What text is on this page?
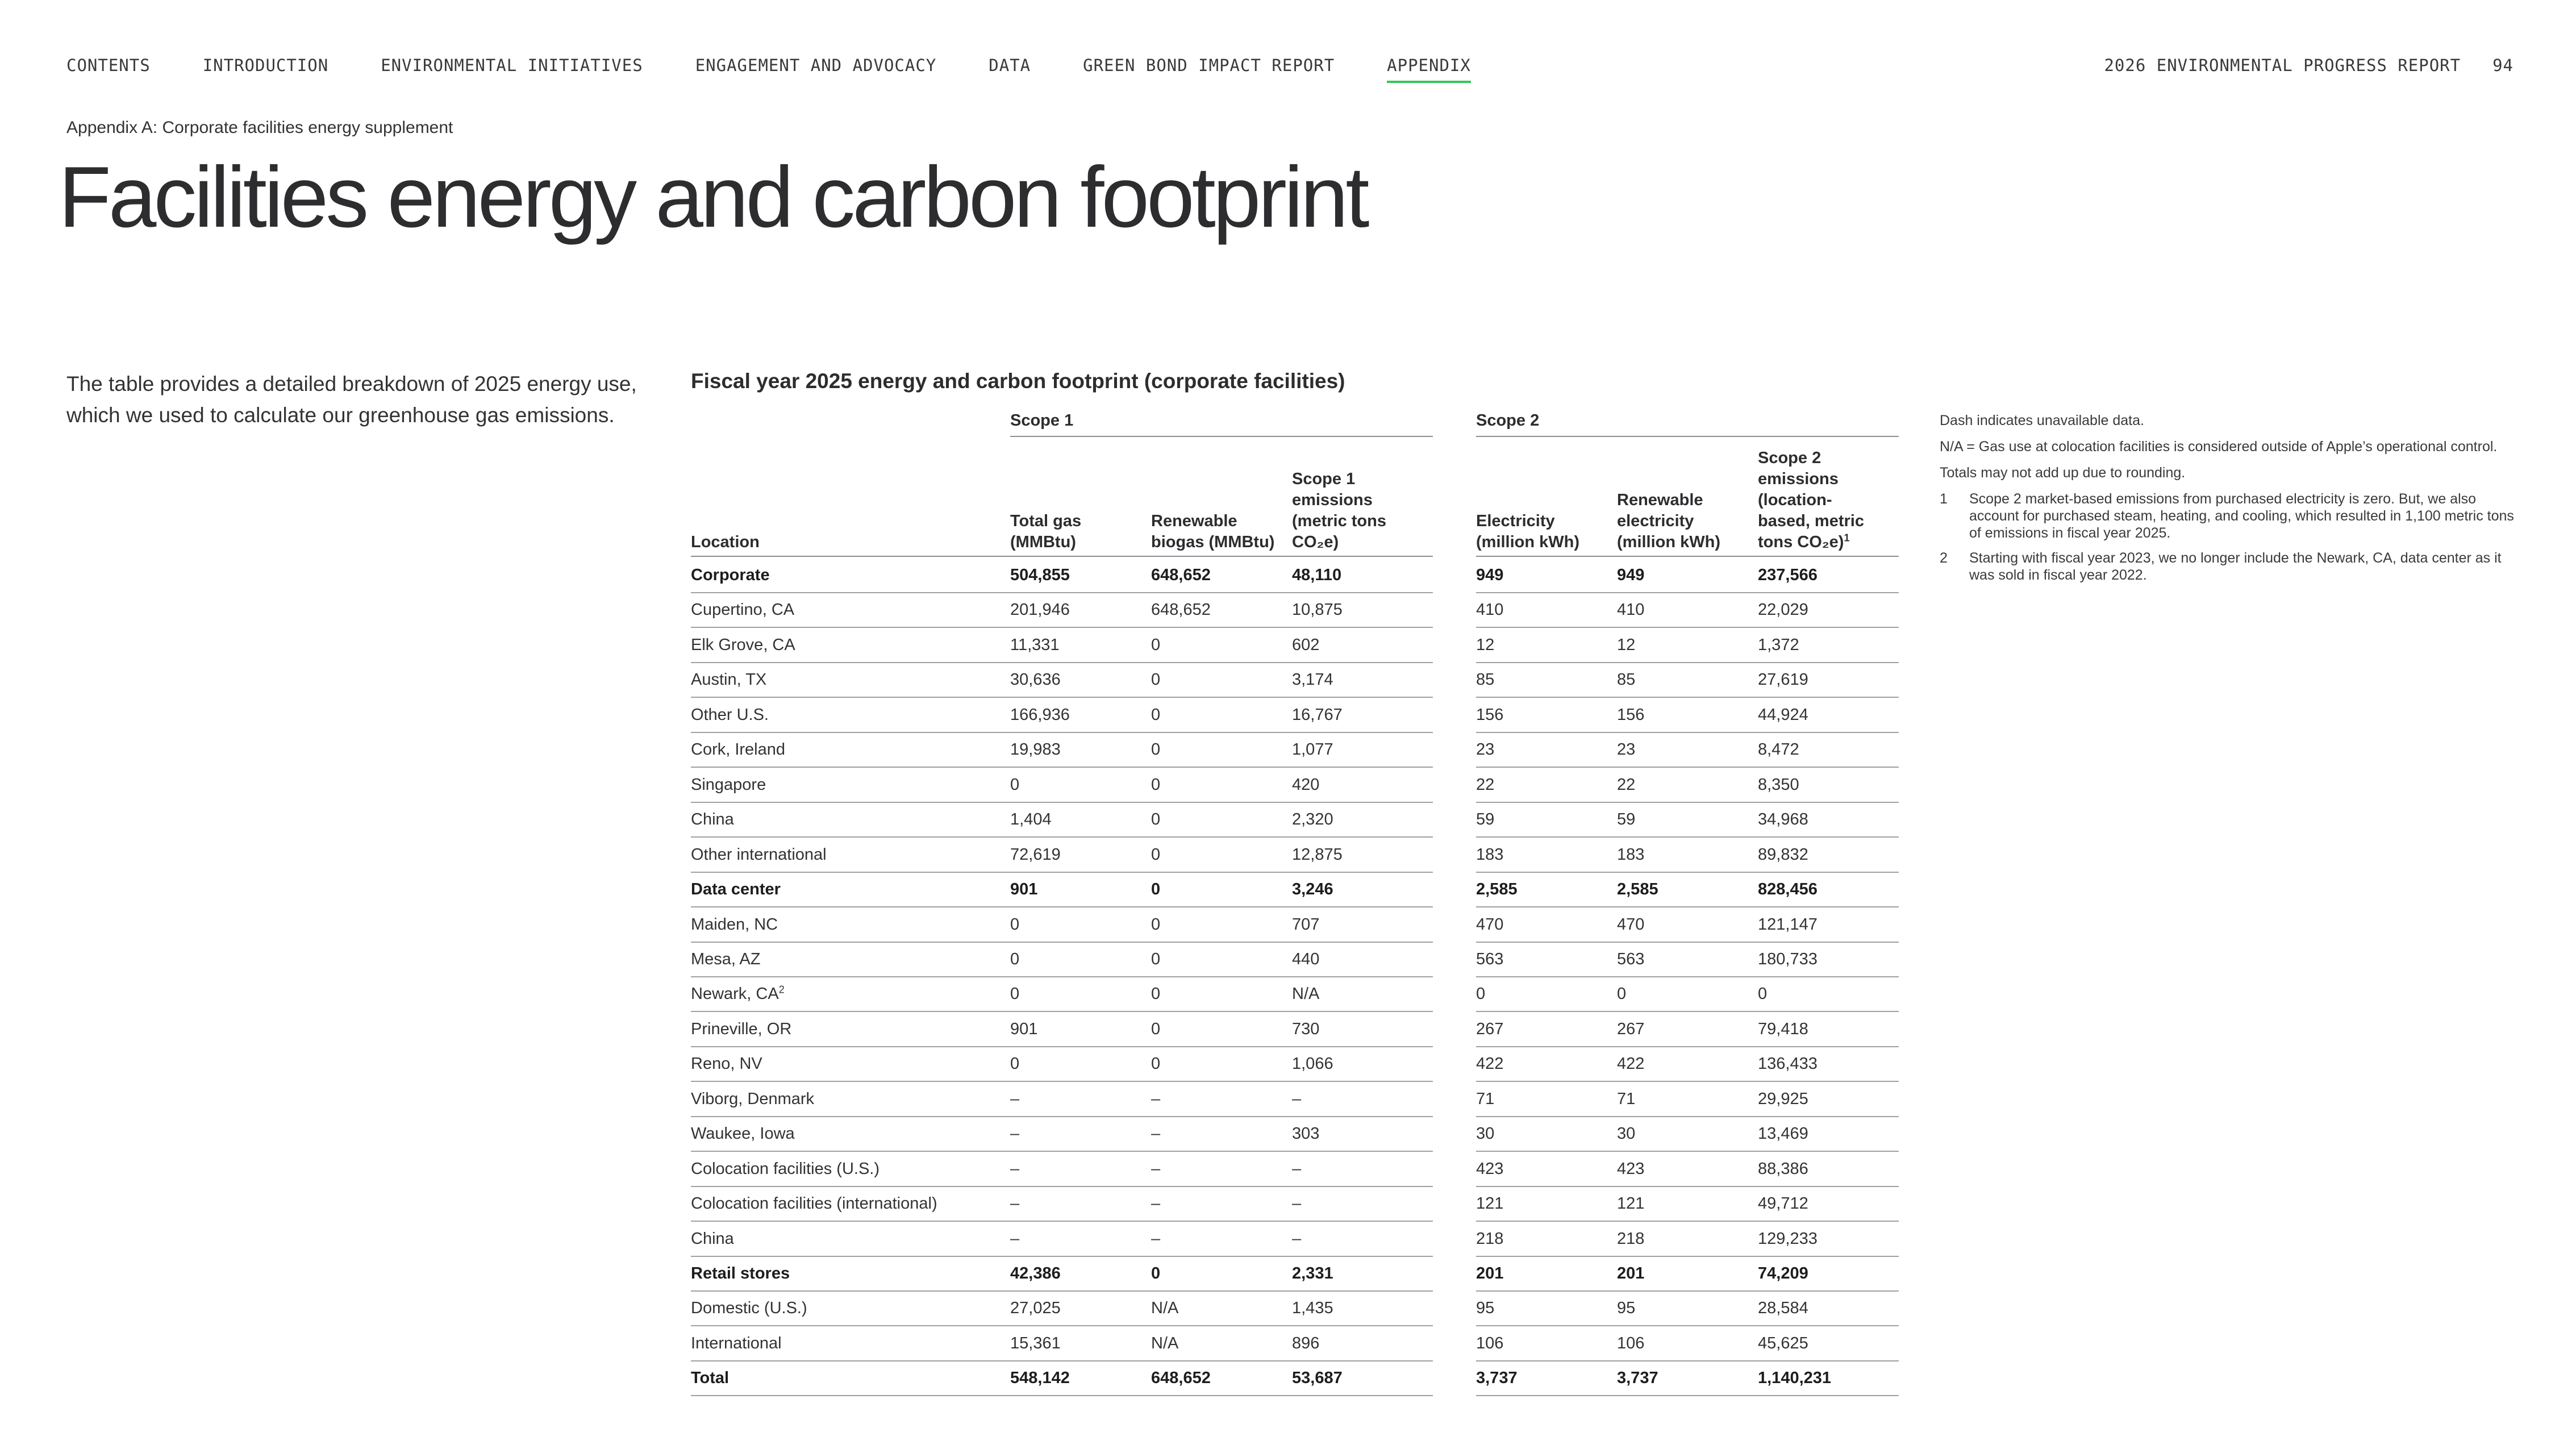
CONTENTS	INTRODUCTION	ENVIRONMENTAL INITIATIVES	ENGAGEMENT AND ADVOCACY	DATA	GREEN BOND IMPACT REPORT	APPENDIX	2026 ENVIRONMENTAL PROGRESS REPORT 94
Appendix A: Corporate facilities energy supplement
Facilities energy and carbon footprint
The table provides a detailed breakdown of 2025 energy use, which we used to calculate our greenhouse gas emissions.
Fiscal year 2025 energy and carbon footprint (corporate facilities)
Scope 1	Scope 2
Location
Total gas (MMBtu)
Renewable biogas (MMBtu)
Scope 1 emissions (metric tons CO₂e)
Electricity (million kWh)
Renewable electricity (million kWh)
Scope 2 emissions (location-based, metric tons CO₂e)$^1$
Corporate	504,855	648,652	48,110	949	949	237,566
Cupertino, CA	201,946	648,652	10,875	410	410	22,029
Elk Grove, CA	11,331	0	602	12	12	1,372
Austin, TX	30,636	0	3,174	85	85	27,619
Other U.S.	166,936	0	16,767	156	156	44,924
Cork, Ireland	19,983	0	1,077	23	23	8,472
Singapore	0	0	420	22	22	8,350
China	1,404	0	2,320	59	59	34,968
Other international	72,619	0	12,875	183	183	89,832
Data center	901	0	3,246	2,585	2,585	828,456
Maiden, NC	0	0	707	470	470	121,147
Mesa, AZ	0	0	440	563	563	180,733
Newark, $CA^2$	0	0	N/A	0	0	0
Prineville, OR	901	0	730	267	267	79,418
Reno, NV	0	0	1,066	422	422	136,433
Viborg, Denmark	–	–	–	71	71	29,925
Waukee, Iowa	–	–	303	30	30	13,469
Colocation facilities (U.S.)	–	–	–	423	423	88,386
Colocation facilities (international)	–	–	–	121	121	49,712
China	–	–	–	218	218	129,233
Retail stores	42,386	0	2,331	201	201	74,209
Domestic (U.S.)	27,025	N/A	1,435	95	95	28,584
International	15,361	N/A	896	106	106	45,625
Total	548,142	648,652	53,687	3,737	3,737	1,140,231

Dash indicates unavailable data.

N/A = Gas use at colocation facilities is considered outside of Apple’s operational control.

Totals may not add up due to rounding.

1	Scope 2 market-based emissions from purchased electricity is zero. But, we also account for purchased steam, heating, and cooling, which resulted in 1,100 metric tons of emissions in fiscal year 2025.
2	Starting with fiscal year 2023, we no longer include the Newark, CA, data center as it was sold in fiscal year 2022.
